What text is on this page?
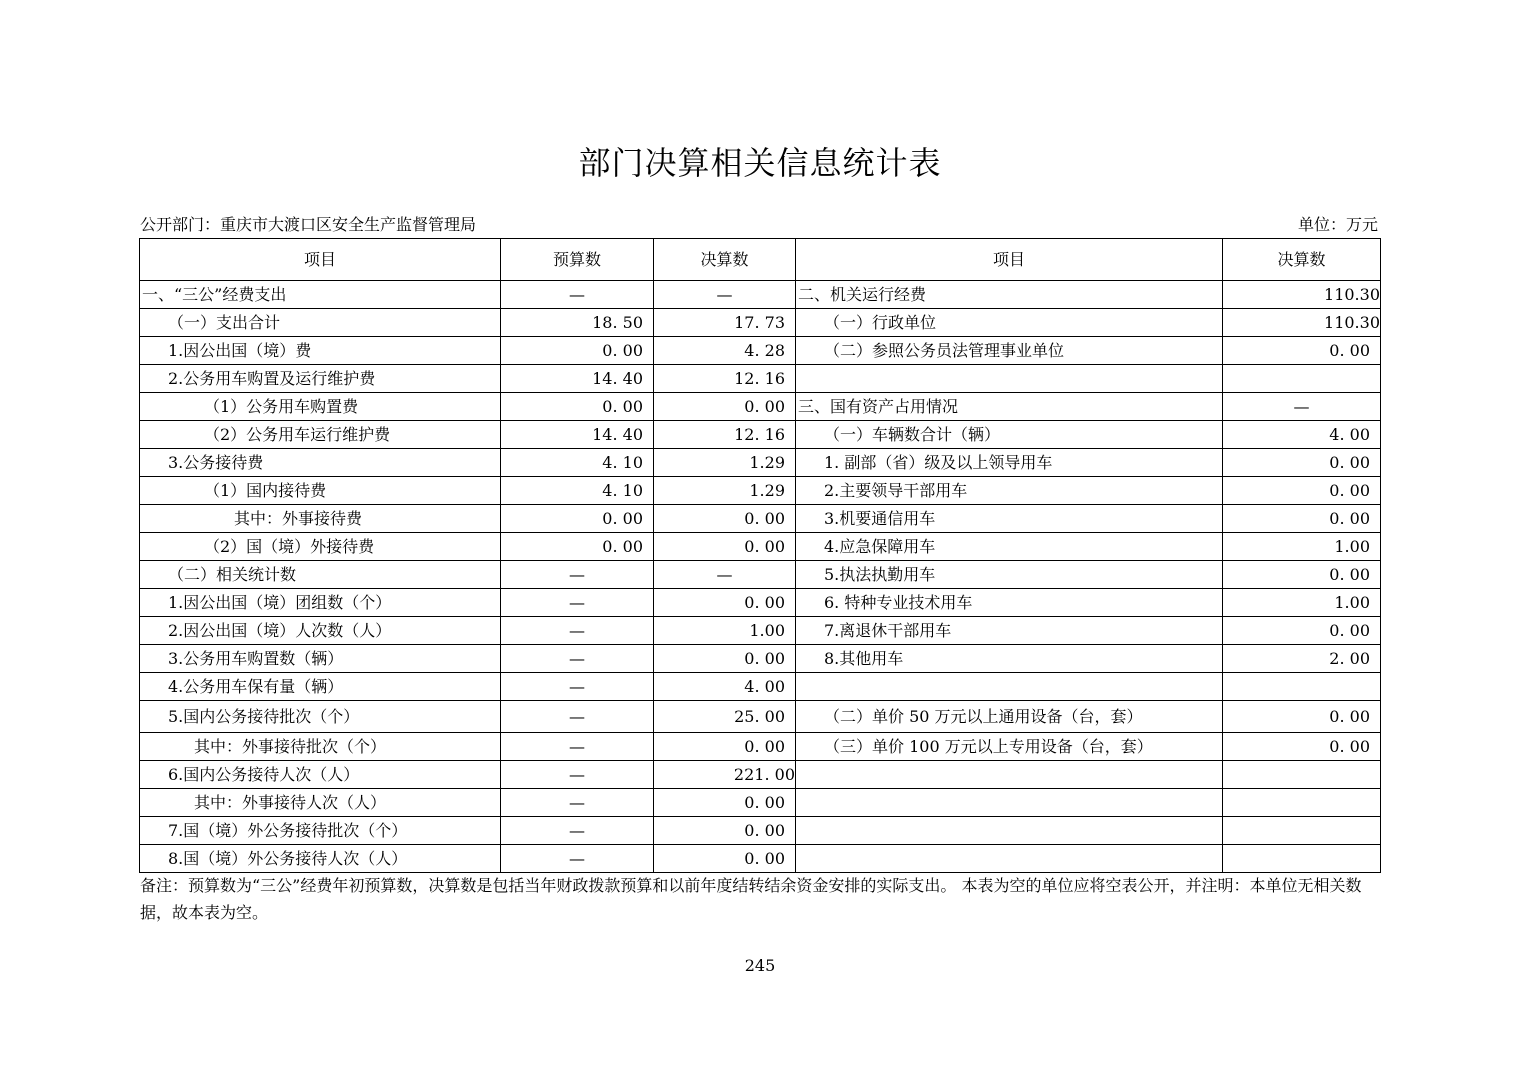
部门决算相关信息统计表
公开部门：重庆市大渡口区安全生产监督管理局	单位：万元
项目	预算数	决算数	项目	决算数
一、“三公”经费支出	—	—	二、机关运行经费	110.30
（一）支出合计	18. 50	17. 73	（一）行政单位	110.30
1.因公出国（境）费	0. 00	4. 28	（二）参照公务员法管理事业单位	0. 00
2.公务用车购置及运行维护费	14. 40	12. 16		
（1）公务用车购置费	0. 00	0. 00	三、国有资产占用情况	—
（2）公务用车运行维护费	14. 40	12. 16	（一）车辆数合计（辆）	4. 00
3.公务接待费	4. 10	1.29	1. 副部（省）级及以上领导用车	0. 00
（1）国内接待费	4. 10	1.29	2.主要领导干部用车	0. 00
其中：外事接待费	0. 00	0. 00	3.机要通信用车	0. 00
（2）国（境）外接待费	0. 00	0. 00	4.应急保障用车	1.00
（二）相关统计数	—	—	5.执法执勤用车	0. 00
1.因公出国（境）团组数（个）	—	0. 00	6. 特种专业技术用车	1.00
2.因公出国（境）人次数（人）	—	1.00	7.离退休干部用车	0. 00
3.公务用车购置数（辆）	—	0. 00	8.其他用车	2. 00
4.公务用车保有量（辆）	—	4. 00		
5.国内公务接待批次（个）	—	25. 00	（二）单价 50 万元以上通用设备（台，套）	0. 00
其中：外事接待批次（个）	—	0. 00	（三）单价 100 万元以上专用设备（台，套）	0. 00
6.国内公务接待人次（人）	—	221. 00		
其中：外事接待人次（人）	—	0. 00		
7.国（境）外公务接待批次（个）	—	0. 00		
8.国（境）外公务接待人次（人）	—	0. 00		
备注：预算数为“三公”经费年初预算数，决算数是包括当年财政拨款预算和以前年度结转结余资金安排的实际支出。 本表为空的单位应将空表公开，并注明：本单位无相关数据，故本表为空。
245
